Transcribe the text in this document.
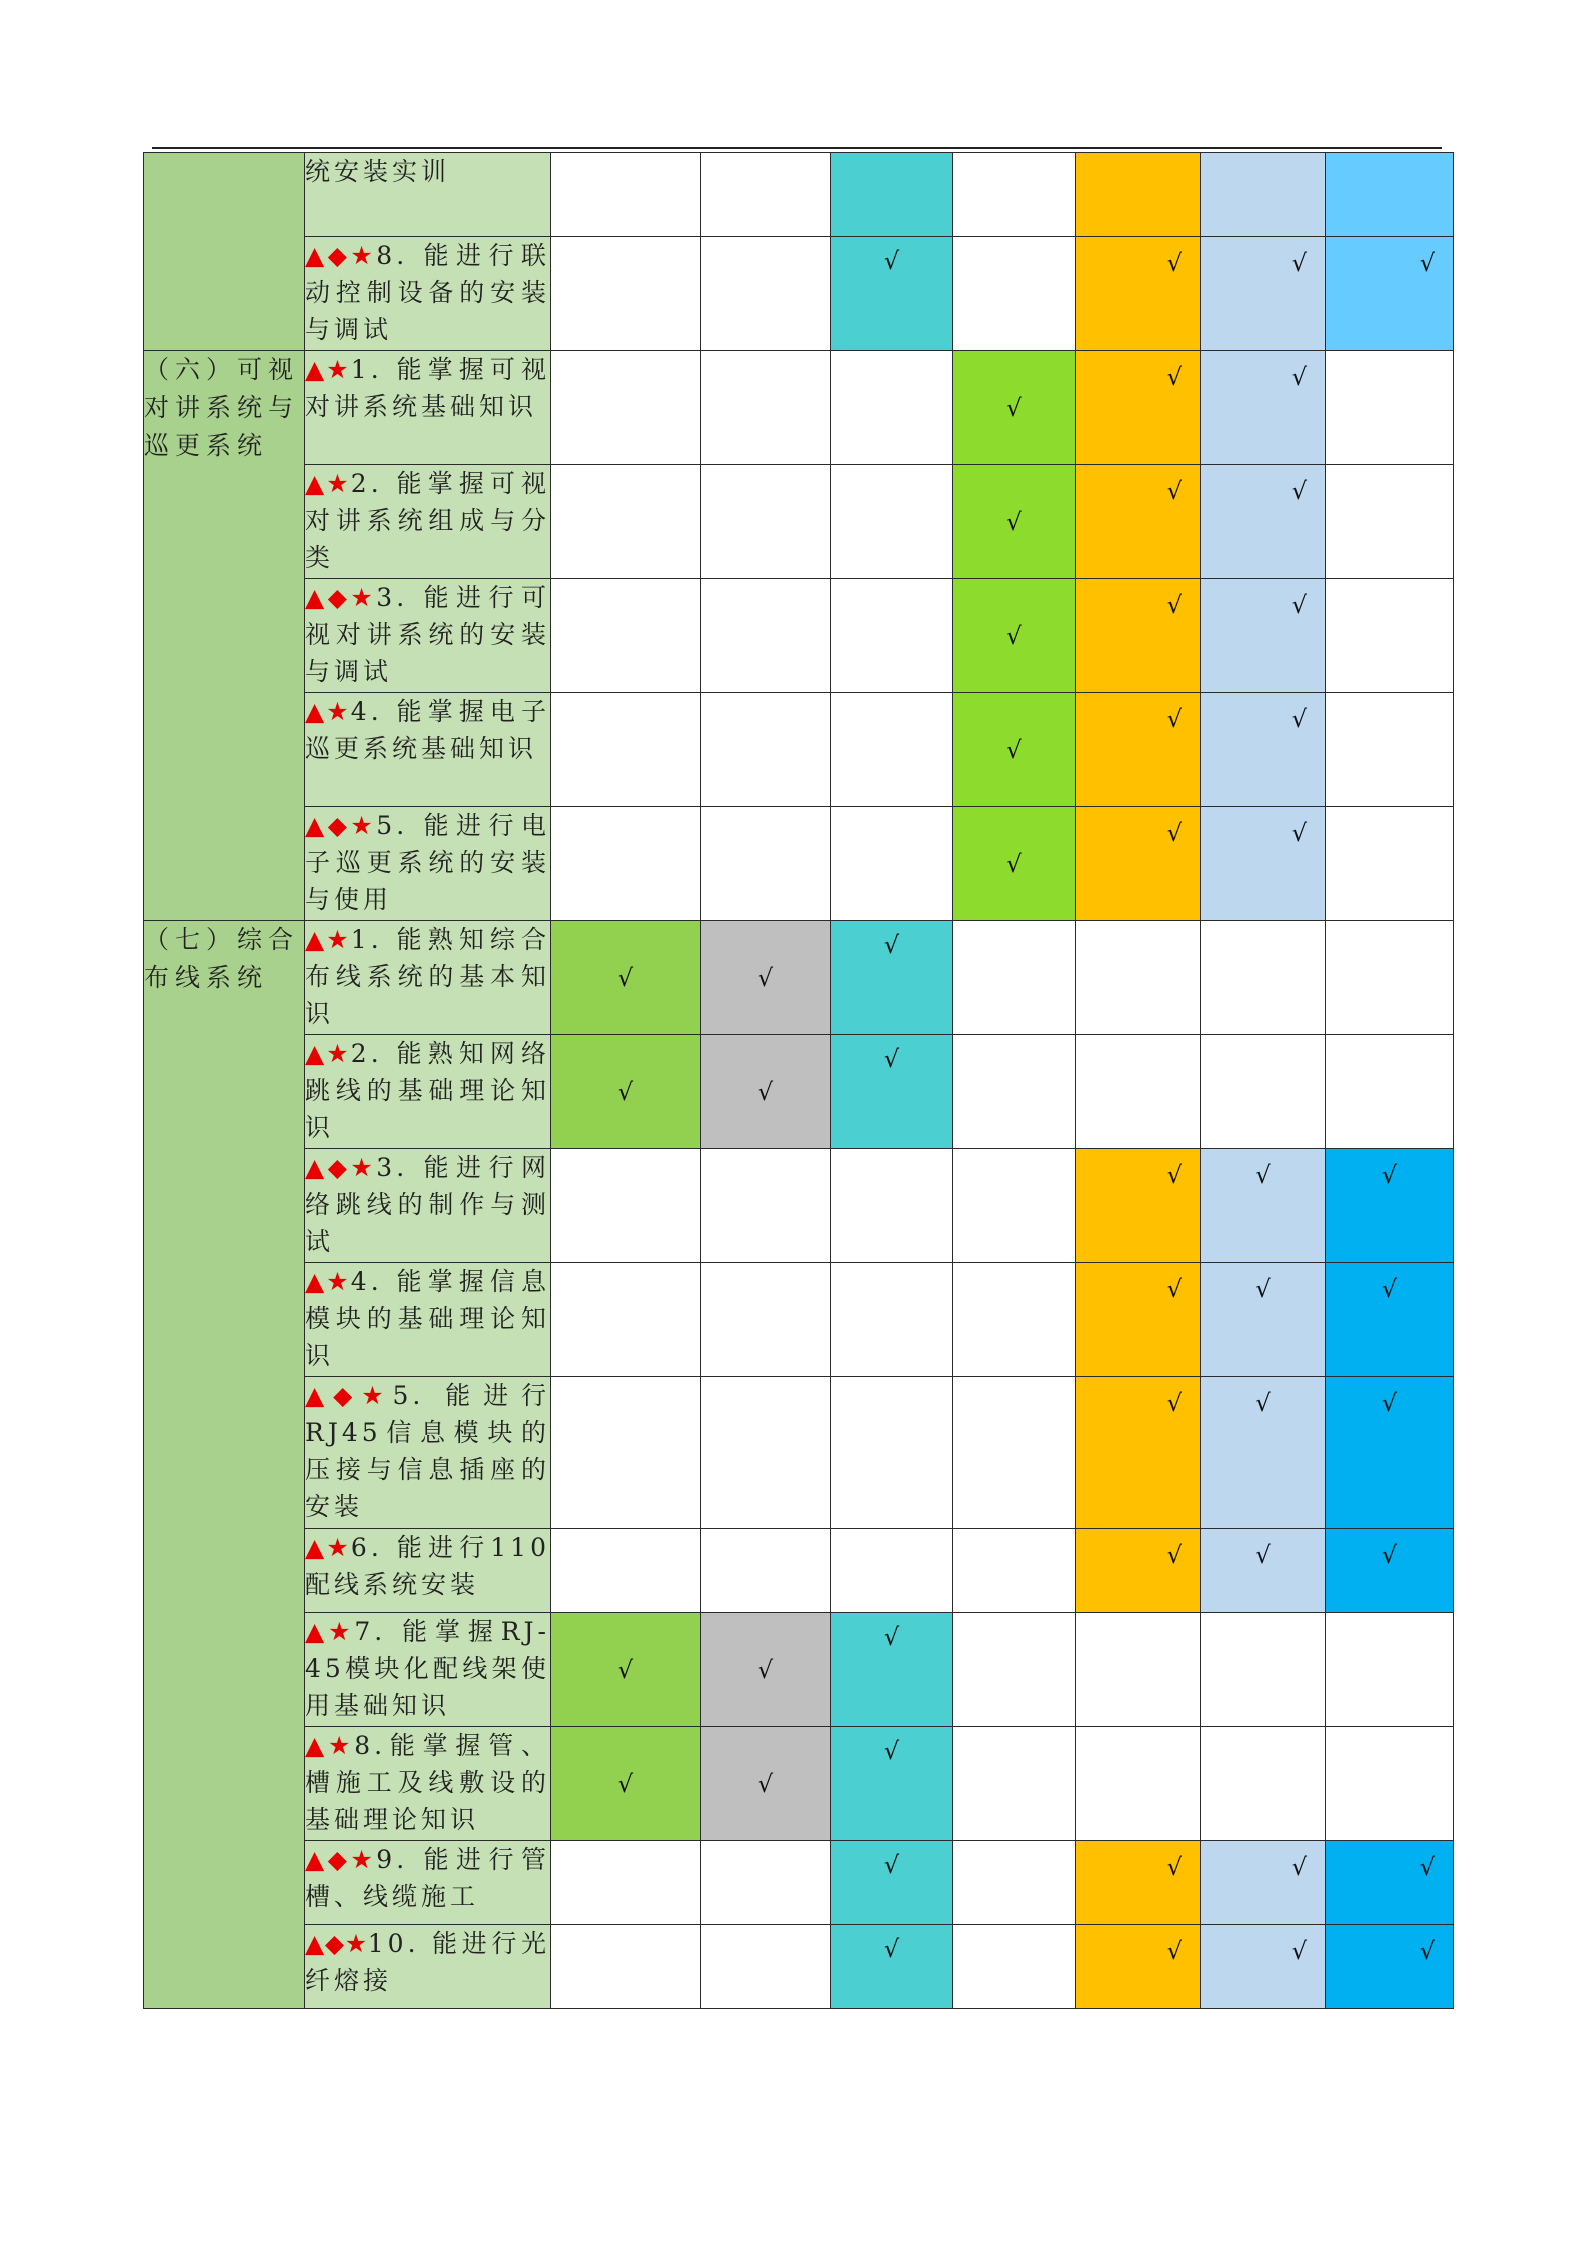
	统安装实训							
	▲◆★8. 能进行联动控制设备的安装与调试			√		√	√	√

（六）可视对讲系统与巡更系统	▲★1. 能掌握可视对讲系统基础知识				√	√	√	

	▲★2. 能掌握可视对讲系统组成与分类				√	√	√	

	▲◆★3. 能进行可视对讲系统的安装与调试				√	√	√	

	▲★4. 能掌握电子巡更系统基础知识				√	√	√	

	▲◆★5. 能进行电子巡更系统的安装与使用				√	√	√	

（七）综合布线系统	▲★1. 能熟知综合布线系统的基本知识	√	√	√				

	▲★2. 能熟知网络跳线的基础理论知识	√	√	√				

	▲◆★3. 能进行网络跳线的制作与测试					√	√	√

	▲★4. 能掌握信息模块的基础理论知识					√	√	√

	▲◆★5. 能进行RJ45信息模块的压接与信息插座的安装					√	√	√

	▲★6. 能进行110配线系统安装					√	√	√

	▲★7. 能掌握RJ-45模块化配线架使用基础知识	√	√	√				

	▲★8.能掌握管、槽施工及线敷设的基础理论知识	√	√	√				

	▲◆★9. 能进行管槽、线缆施工			√		√	√	√

	▲◆★10. 能进行光纤熔接			√		√	√	√
